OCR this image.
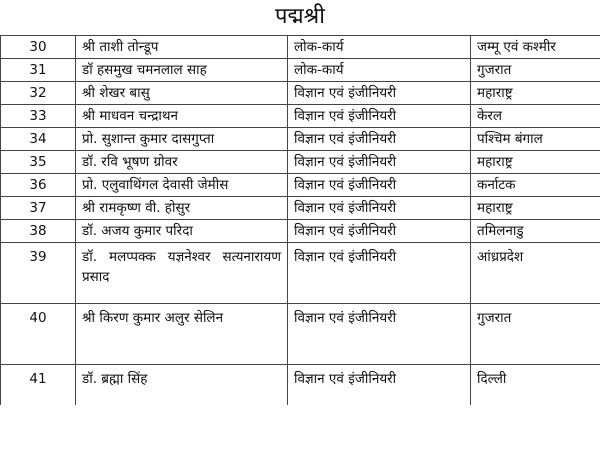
पद्मश्री
30	श्री ताशी तोन्डूप	लोक-कार्य	जम्मू एवं कश्मीर
31	डॉ हसमुख चमनलाल साह	लोक-कार्य	गुजरात
32	श्री शेखर बासु	विज्ञान एवं इंजीनियरी	महाराष्ट्र
33	श्री माधवन चन्द्राथन	विज्ञान एवं इंजीनियरी	केरल
34	प्रो. सुशान्त कुमार दासगुप्ता	विज्ञान एवं इंजीनियरी	पश्चिम बंगाल
35	डॉ. रवि भूषण ग्रोवर	विज्ञान एवं इंजीनियरी	महाराष्ट्र
36	प्रो. एलुवाथिंगल देवासी जेमीस	विज्ञान एवं इंजीनियरी	कर्नाटक
37	श्री रामकृष्ण वी. होसुर	विज्ञान एवं इंजीनियरी	महाराष्ट्र
38	डॉ. अजय कुमार परिदा	विज्ञान एवं इंजीनियरी	तमिलनाडु
39	डॉ. मलप्पक्क यज्ञनेश्वर सत्यनारायण प्रसाद	विज्ञान एवं इंजीनियरी	आंध्रप्रदेश
40	श्री किरण कुमार अलुर सेलिन	विज्ञान एवं इंजीनियरी	गुजरात
41	डॉ. ब्रह्मा सिंह	विज्ञान एवं इंजीनियरी	दिल्ली
